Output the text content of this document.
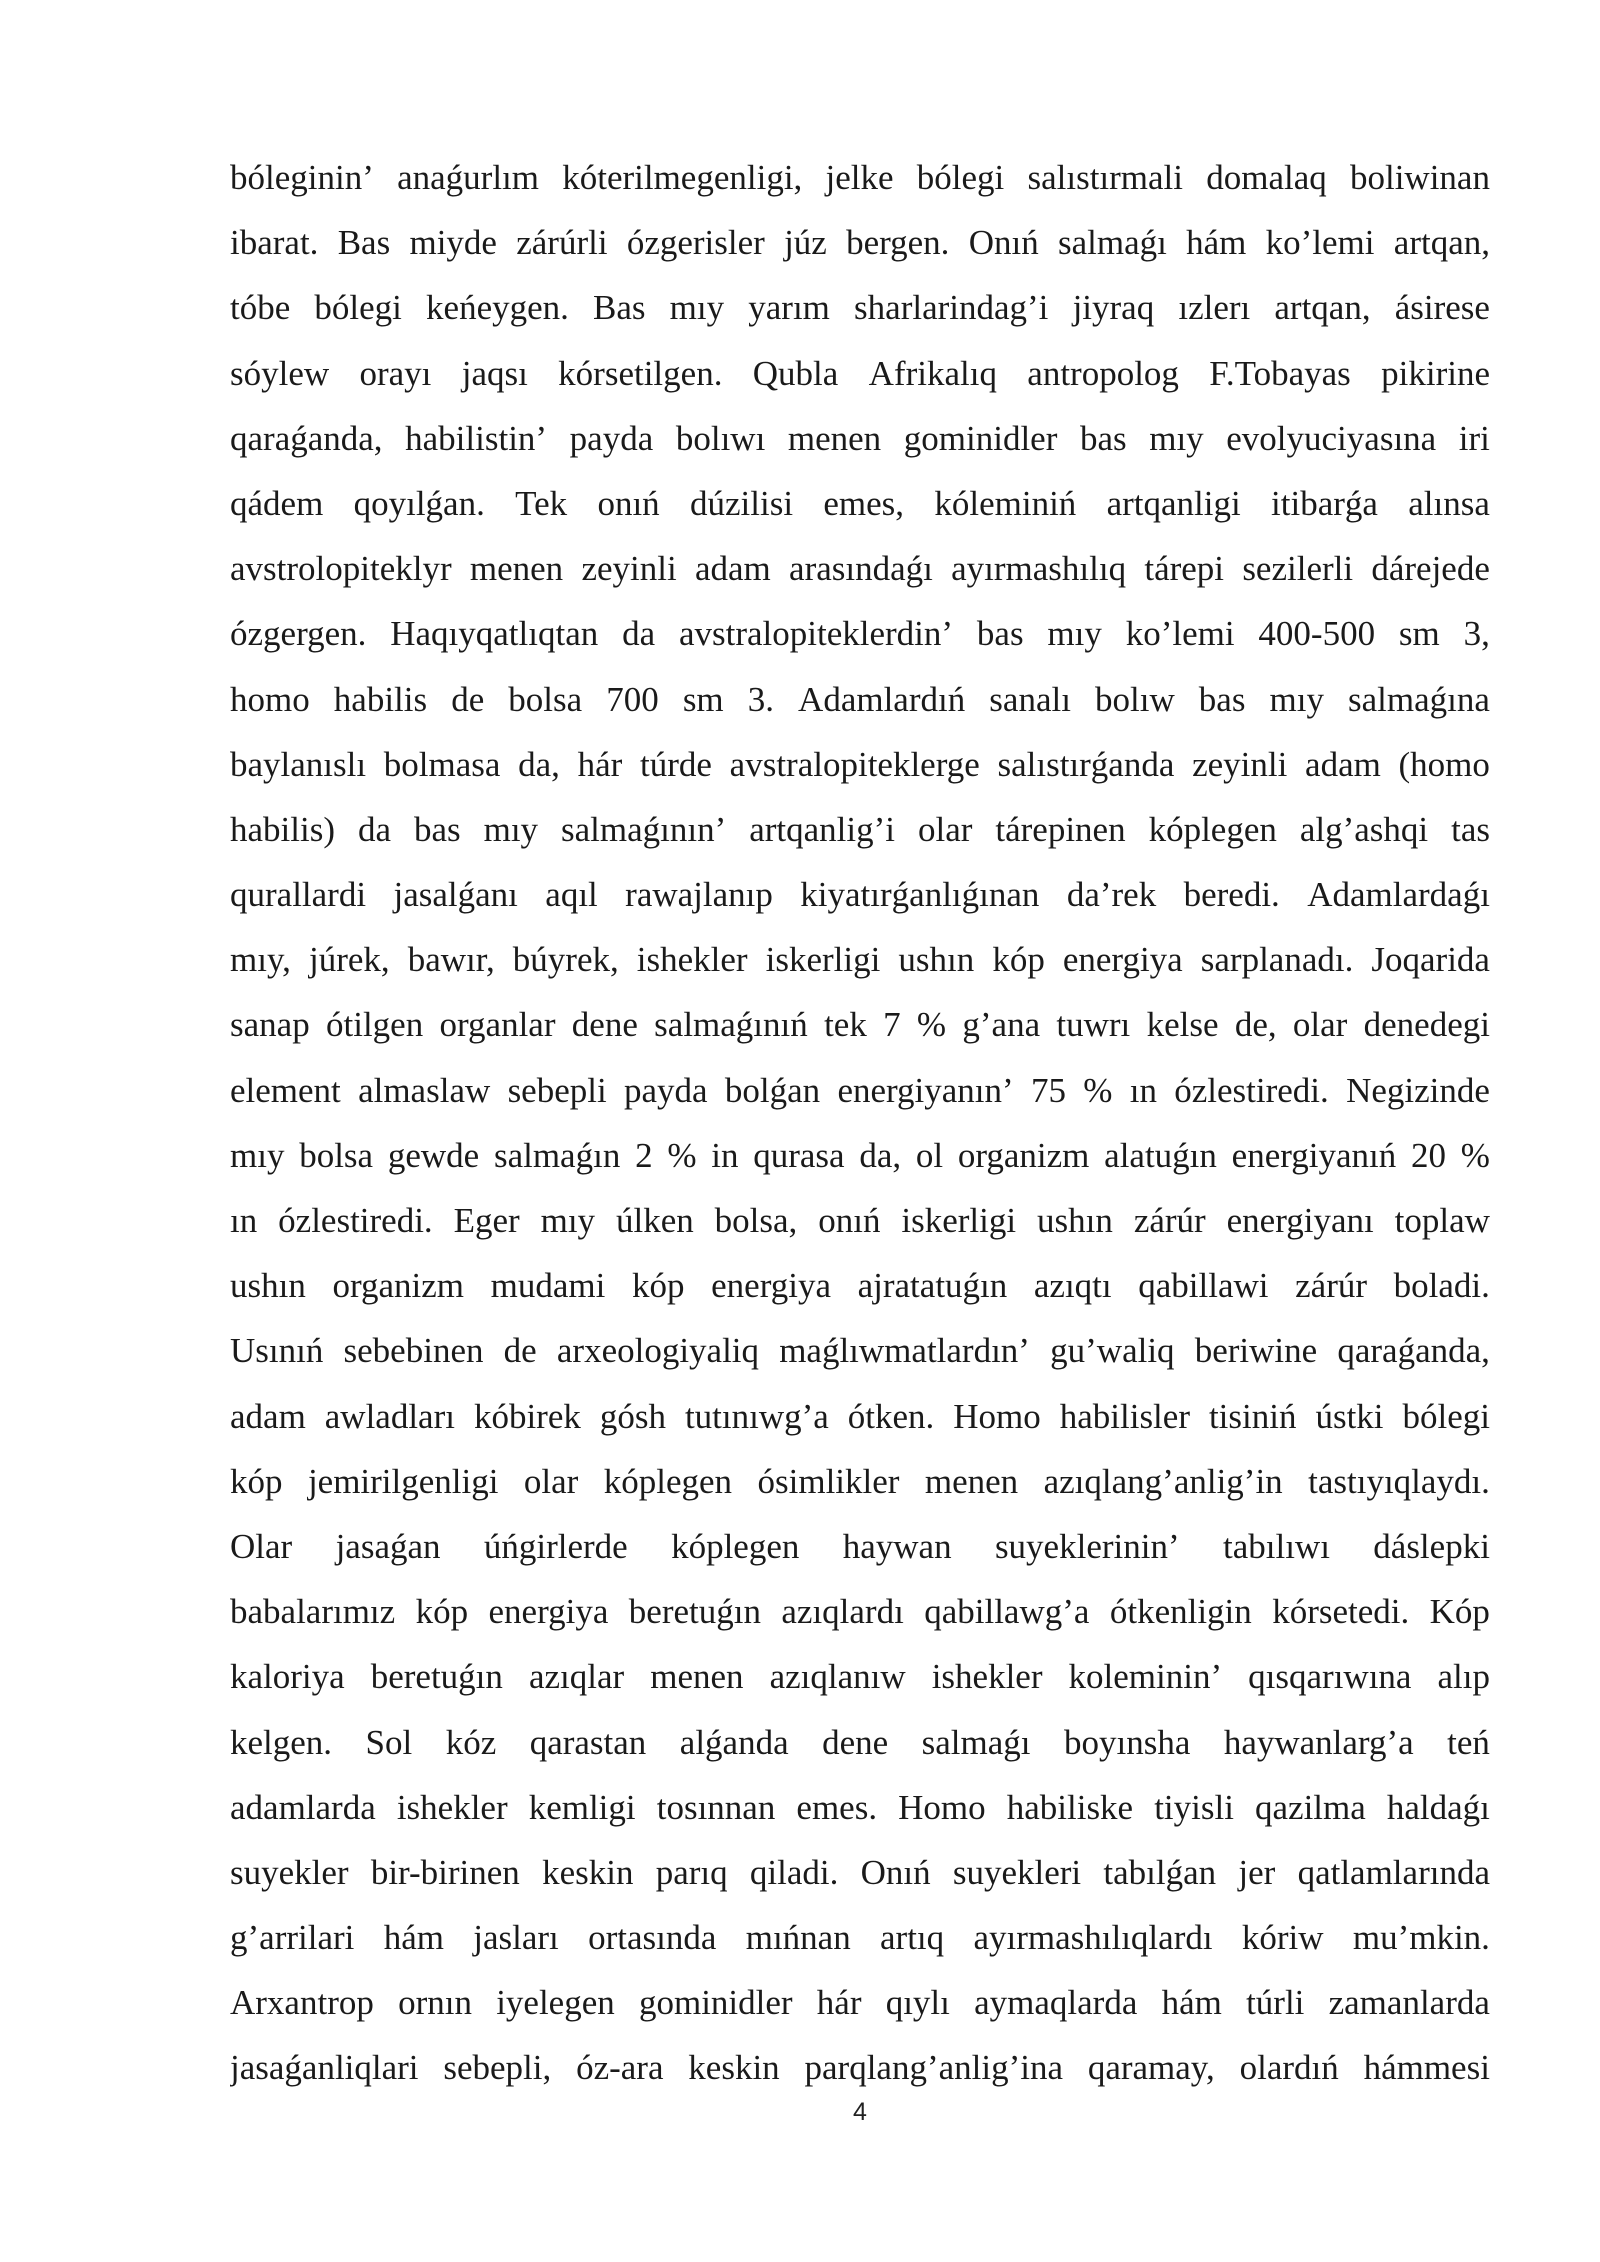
bóleginin’ anaǵurlım kóterilmegenligi, jelke bólegi salıstırmali domalaq boliwinan
ibarat. Bas miyde zárúrli ózgerisler júz bergen. Onıń salmaǵı hám ko’lemi artqan,
tóbe bólegi keńeygen. Bas mıy yarım sharlarindag’i jiyraq ızlerı artqan, ásirese
sóylew orayı jaqsı kórsetilgen. Qubla Afrikalıq antropolog F.Tobayas pikirine
qaraǵanda, habilistin’ payda bolıwı menen gominidler bas mıy evolyuciyasına iri
qádem qoyılǵan. Tek onıń dúzilisi emes, kóleminiń artqanligi itibarǵa alınsa
avstrolopiteklyr menen zeyinli adam arasındaǵı ayırmashılıq tárepi sezilerli dárejede
ózgergen. Haqıyqatlıqtan da avstralopiteklerdin’ bas mıy ko’lemi 400-500 sm 3,
homo habilis de bolsa 700 sm 3. Adamlardıń sanalı bolıw bas mıy salmaǵına
baylanıslı bolmasa da, hár túrde avstralopiteklerge salıstırǵanda zeyinli adam (homo
habilis) da bas mıy salmaǵının’ artqanlig’i olar tárepinen kóplegen alg’ashqi tas
qurallardi jasalǵanı aqıl rawajlanıp kiyatırǵanlıǵınan da’rek beredi. Adamlardaǵı
mıy, júrek, bawır, búyrek, ishekler iskerligi ushın kóp energiya sarplanadı. Joqarida
sanap ótilgen organlar dene salmaǵınıń tek 7 % g’ana tuwrı kelse de, olar denedegi
element almaslaw sebepli payda bolǵan energiyanın’ 75 % ın ózlestiredi. Negizinde
mıy bolsa gewde salmaǵın 2 % in qurasa da, ol organizm alatuǵın energiyanıń 20 %
ın ózlestiredi. Eger mıy úlken bolsa, onıń iskerligi ushın zárúr energiyanı toplaw
ushın organizm mudami kóp energiya ajratatuǵın azıqtı qabillawi zárúr boladi.
Usınıń sebebinen de arxeologiyaliq maǵlıwmatlardın’ gu’waliq beriwine qaraǵanda,
adam awladları kóbirek gósh tutınıwg’a ótken. Homo habilisler tisiniń ústki bólegi
kóp jemirilgenligi olar kóplegen ósimlikler menen azıqlang’anlig’in tastıyıqlaydı.
Olar jasaǵan úńgirlerde kóplegen haywan suyeklerinin’ tabılıwı dáslepki
babalarımız kóp energiya beretuǵın azıqlardı qabillawg’a ótkenligin kórsetedi. Kóp
kaloriya beretuǵın azıqlar menen azıqlanıw ishekler koleminin’ qısqarıwına alıp
kelgen. Sol kóz qarastan alǵanda dene salmaǵı boyınsha haywanlarg’a teń
adamlarda ishekler kemligi tosınnan emes. Homo habiliske tiyisli qazilma haldaǵı
suyekler bir-birinen keskin parıq qiladi. Onıń suyekleri tabılǵan jer qatlamlarında
g’arrilari hám jasları ortasında mıńnan artıq ayırmashılıqlardı kóriw mu’mkin.
Arxantrop ornın iyelegen gominidler hár qıylı aymaqlarda hám túrli zamanlarda
jasaǵanliqlari sebepli, óz-ara keskin parqlang’anlig’ina qaramay, olardıń hámmesi
4
